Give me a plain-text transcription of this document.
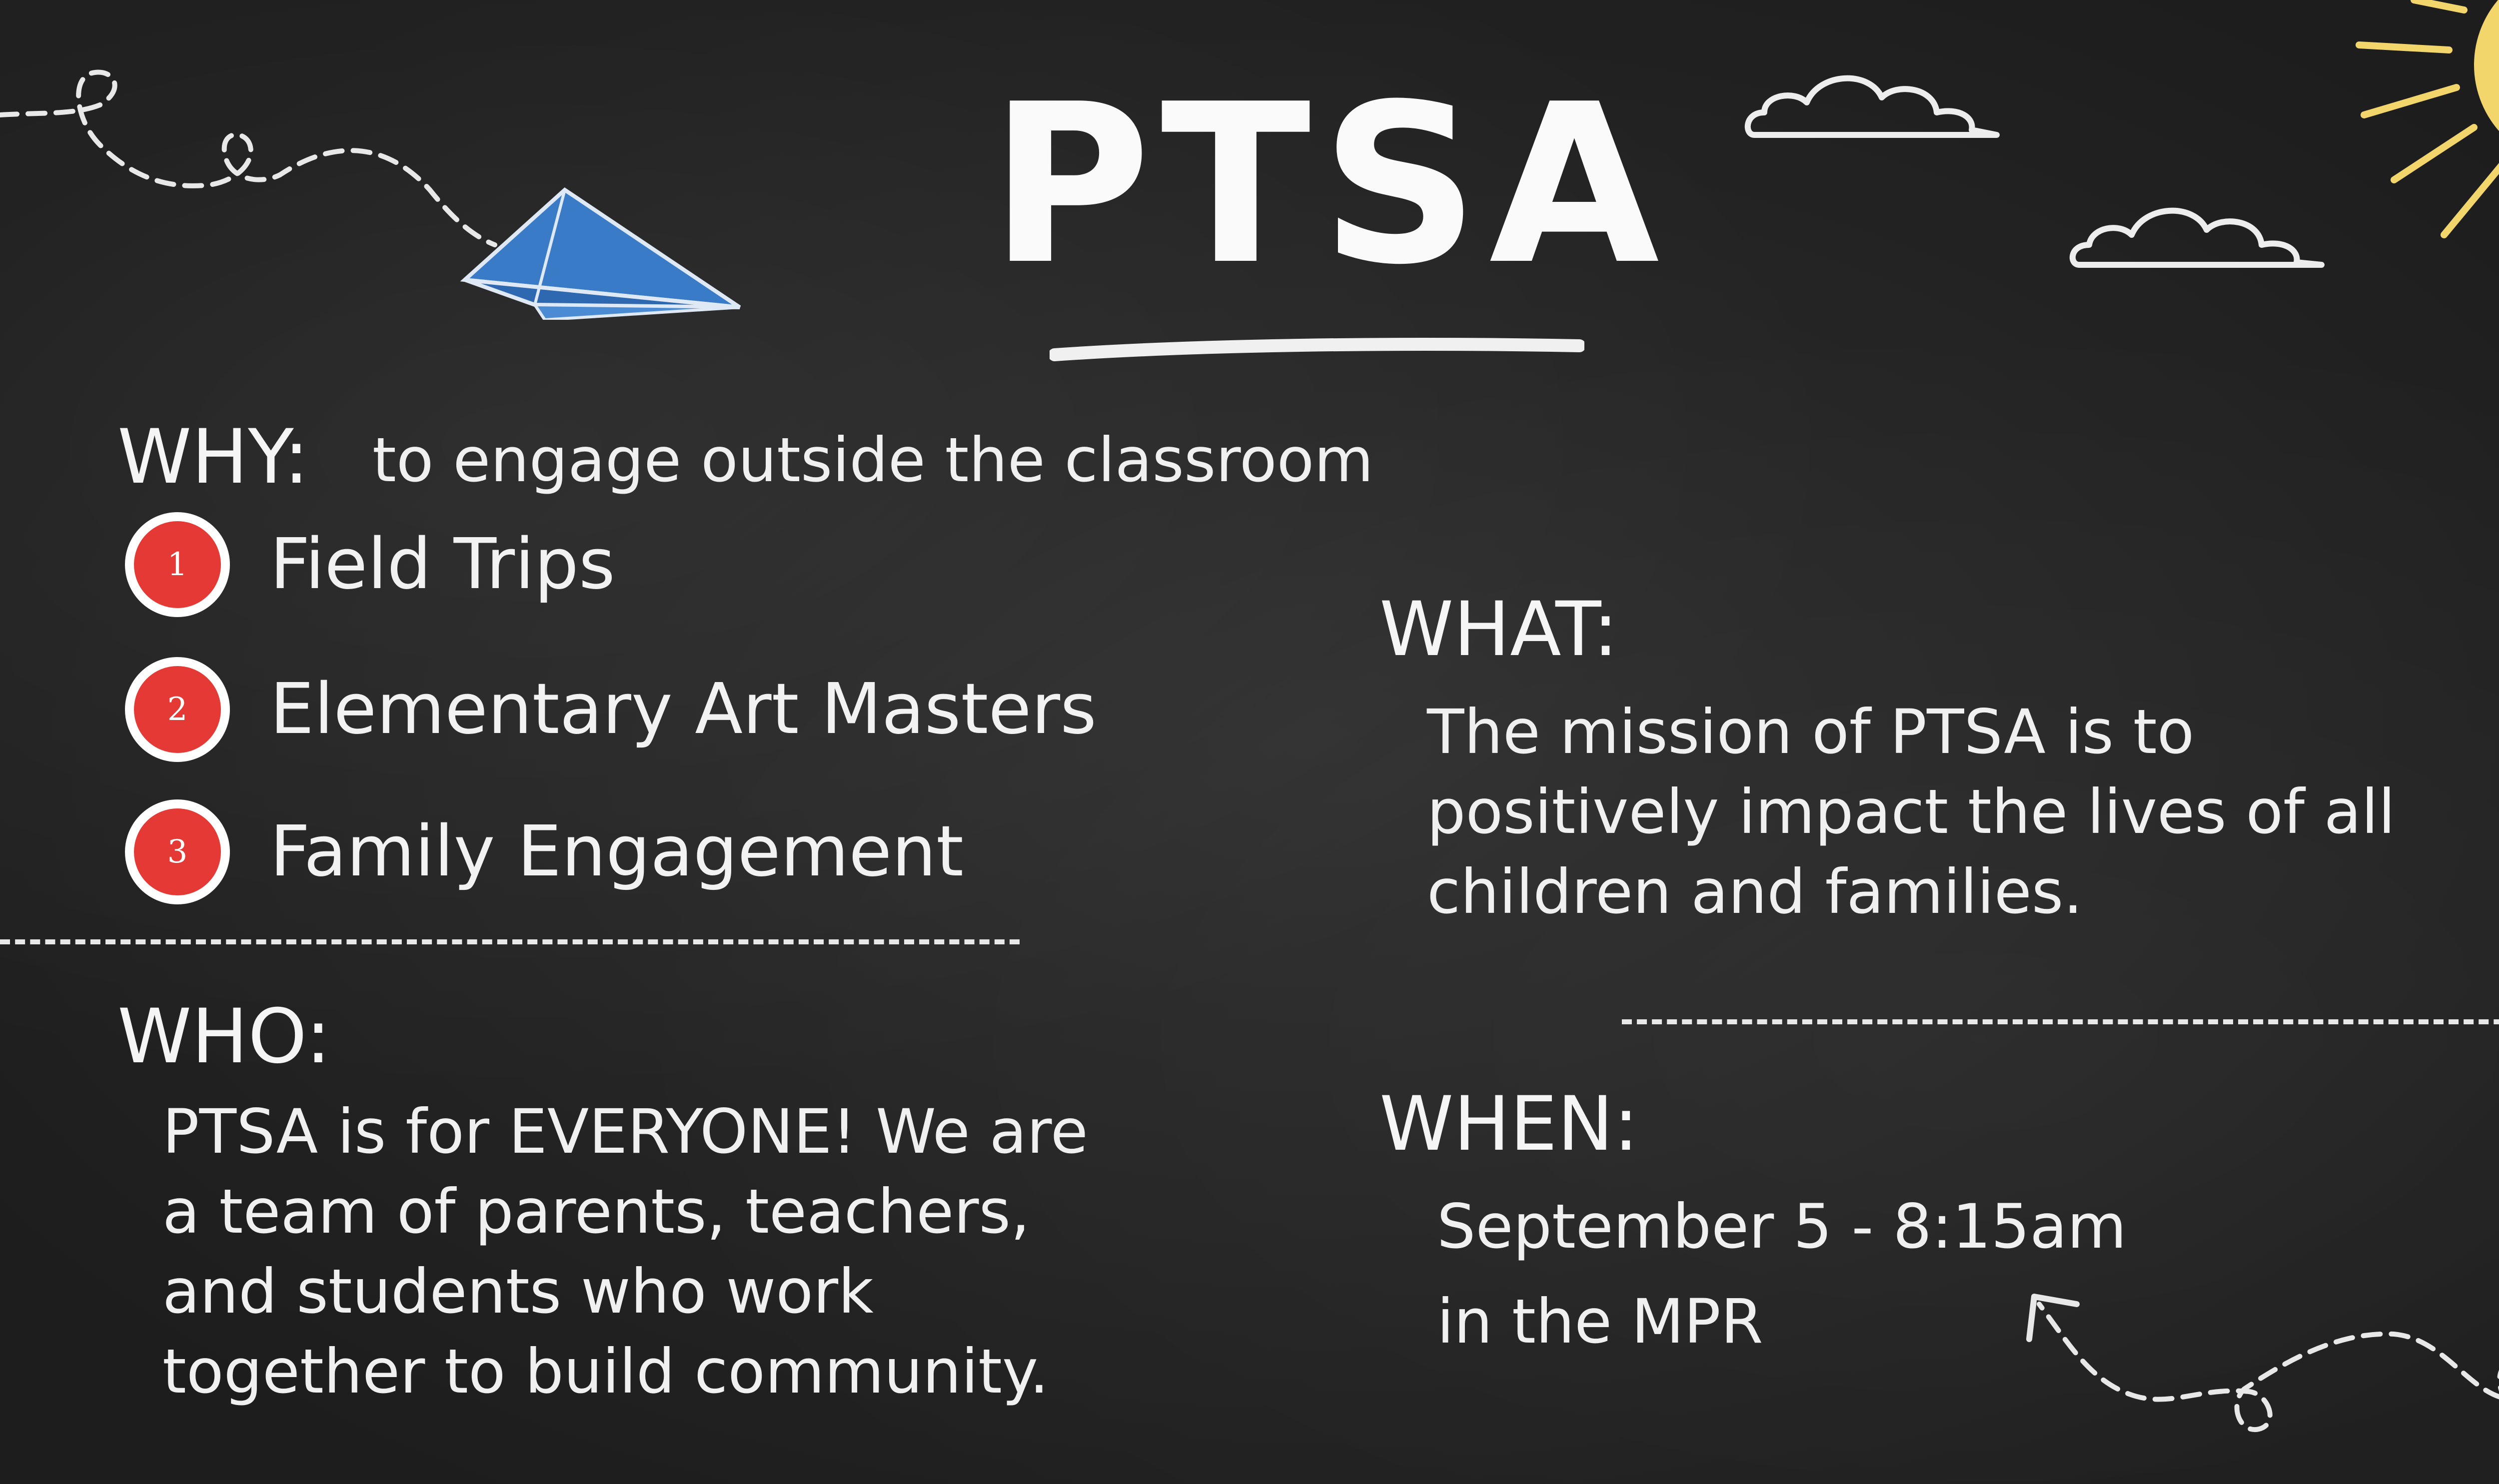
PTSA
WHY: to engage outside the classroom
1	Field Trips
2	Elementary Art Masters
3	Family Engagement
WHO:
PTSA is for EVERYONE! We are
a team of parents, teachers,
and students who work
together to build community.
WHAT:
The mission of PTSA is to
positively impact the lives of all
children and families.
WHEN:
September 5 - 8:15am
in the MPR
